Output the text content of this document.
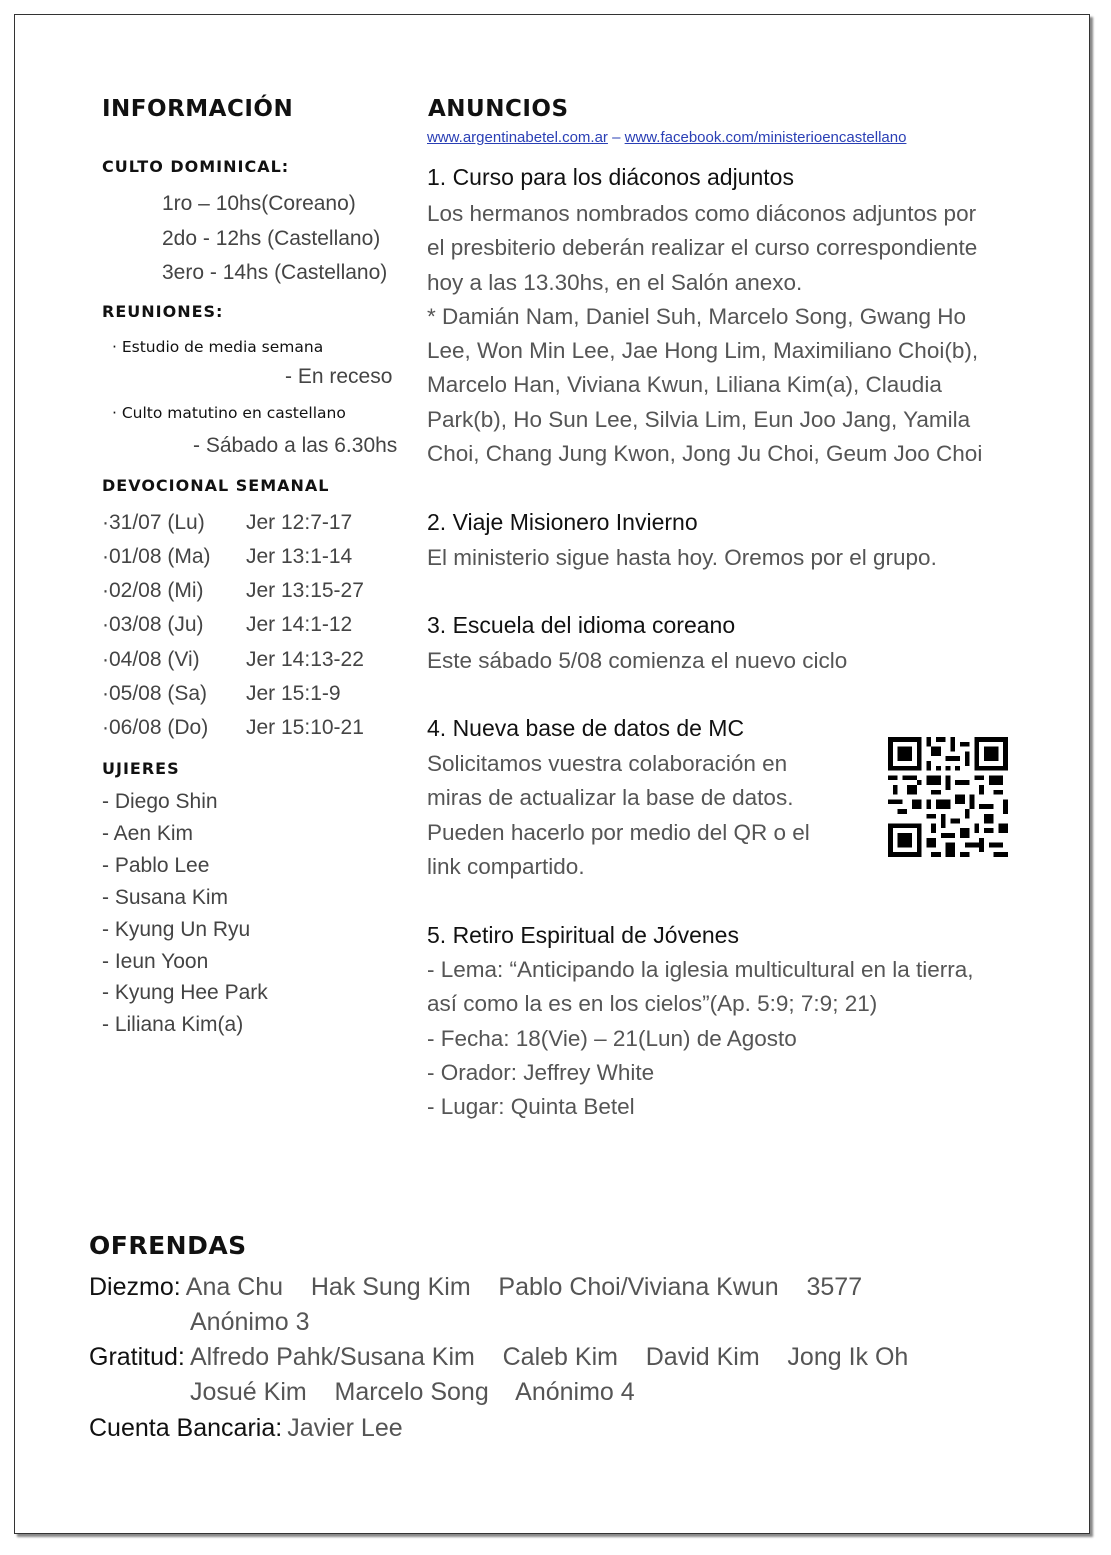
INFORMACIÓN
CULTO DOMINICAL:
1ro – 10hs(Coreano)
2do - 12hs (Castellano)
3ero - 14hs (Castellano)
REUNIONES:
· Estudio de media semana
- En receso
· Culto matutino en castellano
- Sábado a las 6.30hs
DEVOCIONAL SEMANAL
·31/07 (Lu) Jer 12:7-17
·01/08 (Ma) Jer 13:1-14
·02/08 (Mi) Jer 13:15-27
·03/08 (Ju) Jer 14:1-12
·04/08 (Vi) Jer 14:13-22
·05/08 (Sa) Jer 15:1-9
·06/08 (Do) Jer 15:10-21
UJIERES
- Diego Shin
- Aen Kim
- Pablo Lee
- Susana Kim
- Kyung Un Ryu
- Ieun Yoon
- Kyung Hee Park
- Liliana Kim(a)
ANUNCIOS
www.argentinabetel.com.ar – www.facebook.com/ministerioencastellano
1. Curso para los diáconos adjuntos
Los hermanos nombrados como diáconos adjuntos por
el presbiterio deberán realizar el curso correspondiente
hoy a las 13.30hs, en el Salón anexo.
* Damián Nam, Daniel Suh, Marcelo Song, Gwang Ho
Lee, Won Min Lee, Jae Hong Lim, Maximiliano Choi(b),
Marcelo Han, Viviana Kwun, Liliana Kim(a), Claudia
Park(b), Ho Sun Lee, Silvia Lim, Eun Joo Jang, Yamila
Choi, Chang Jung Kwon, Jong Ju Choi, Geum Joo Choi
2. Viaje Misionero Invierno
El ministerio sigue hasta hoy. Oremos por el grupo.
3. Escuela del idioma coreano
Este sábado 5/08 comienza el nuevo ciclo
4. Nueva base de datos de MC
Solicitamos vuestra colaboración en
miras de actualizar la base de datos.
Pueden hacerlo por medio del QR o el
link compartido.
5. Retiro Espiritual de Jóvenes
- Lema: “Anticipando la iglesia multicultural en la tierra,
así como la es en los cielos”(Ap. 5:9; 7:9; 21)
- Fecha: 18(Vie) – 21(Lun) de Agosto
- Orador: Jeffrey White
- Lugar: Quinta Betel
OFRENDAS
Diezmo: Ana Chu    Hak Sung Kim    Pablo Choi/Viviana Kwun    3577
Anónimo 3
Gratitud: Alfredo Pahk/Susana Kim    Caleb Kim    David Kim    Jong Ik Oh
Josué Kim    Marcelo Song    Anónimo 4
Cuenta Bancaria: Javier Lee
